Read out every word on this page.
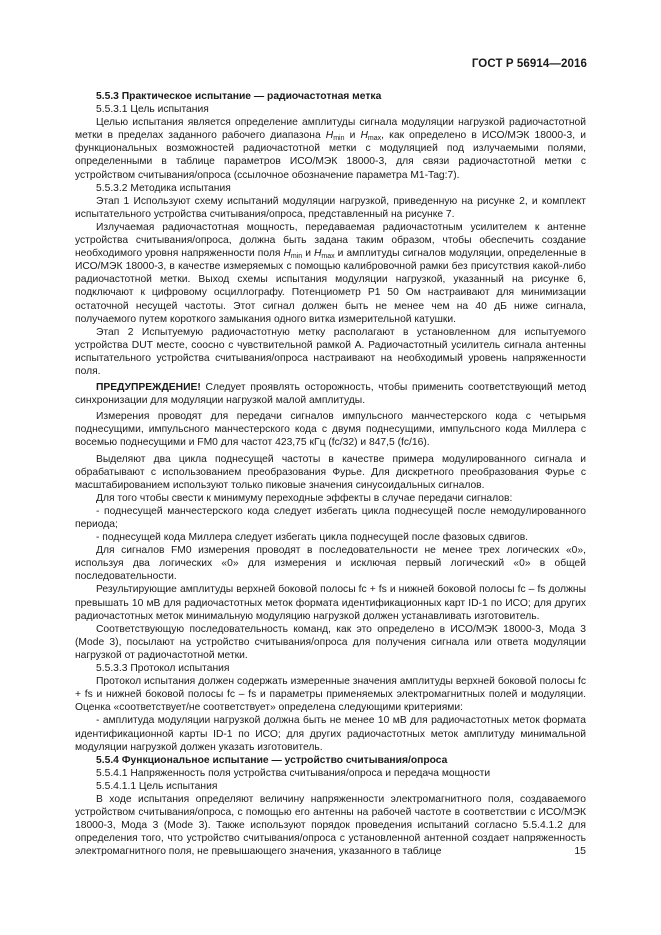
ГОСТ Р 56914—2016

5.5.3 Практическое испытание — радиочастотная метка

5.5.3.1 Цель испытания

Целью испытания является определение амплитуды сигнала модуляции нагрузкой радиочастотной метки в пределах заданного рабочего диапазона $H_{min}$ и $H_{max}$, как определено в ИСО/МЭК 18000-3, и функциональных возможностей радиочастотной метки с модуляцией под излучаемыми полями, определенными в таблице параметров ИСО/МЭК 18000-3, для связи радиочастотной метки с устройством считывания/опроса (ссылочное обозначение параметра М1-Tag:7).

5.5.3.2 Методика испытания

Этап 1 Используют схему испытаний модуляции нагрузкой, приведенную на рисунке 2, и комплект испытательного устройства считывания/опроса, представленный на рисунке 7.

Излучаемая радиочастотная мощность, передаваемая радиочастотным усилителем к антенне устройства считывания/опроса, должна быть задана таким образом, чтобы обеспечить создание необходимого уровня напряженности поля $H_{min}$ и $H_{max}$ и амплитуды сигналов модуляции, определенные в ИСО/МЭК 18000-3, в качестве измеряемых с помощью калибровочной рамки без присутствия какой-либо радиочастотной метки. Выход схемы испытания модуляции нагрузкой, указанный на рисунке 6, подключают к цифровому осциллографу. Потенциометр Р1 50 Ом настраивают для минимизации остаточной несущей частоты. Этот сигнал должен быть не менее чем на 40 дБ ниже сигнала, получаемого путем короткого замыкания одного витка измерительной катушки.

Этап 2 Испытуемую радиочастотную метку располагают в установленном для испытуемого устройства DUT месте, соосно с чувствительной рамкой А. Радиочастотный усилитель сигнала антенны испытательного устройства считывания/опроса настраивают на необходимый уровень напряженности поля.

ПРЕДУПРЕЖДЕНИЕ! Следует проявлять осторожность, чтобы применить соответствующий метод синхронизации для модуляции нагрузкой малой амплитуды.

Измерения проводят для передачи сигналов импульсного манчестерского кода с четырьмя поднесущими, импульсного манчестерского кода с двумя поднесущими, импульсного кода Миллера с восемью поднесущими и FM0 для частот 423,75 кГц (fc/32) и 847,5 (fc/16).

Выделяют два цикла поднесущей частоты в качестве примера модулированного сигнала и обрабатывают с использованием преобразования Фурье. Для дискретного преобразования Фурье с масштабированием используют только пиковые значения синусоидальных сигналов.

Для того чтобы свести к минимуму переходные эффекты в случае передачи сигналов:

- поднесущей манчестерского кода следует избегать цикла поднесущей после немодулированного периода;

- поднесущей кода Миллера следует избегать цикла поднесущей после фазовых сдвигов.

Для сигналов FM0 измерения проводят в последовательности не менее трех логических «0», используя два логических «0» для измерения и исключая первый логический «0» в общей последовательности.

Результирующие амплитуды верхней боковой полосы fc + fs и нижней боковой полосы fc – fs должны превышать 10 мВ для радиочастотных меток формата идентификационных карт ID-1 по ИСО; для других радиочастотных меток минимальную модуляцию нагрузкой должен устанавливать изготовитель.

Соответствующую последовательность команд, как это определено в ИСО/МЭК 18000-3, Мода 3 (Mode 3), посылают на устройство считывания/опроса для получения сигнала или ответа модуляции нагрузкой от радиочастотной метки.

5.5.3.3 Протокол испытания

Протокол испытания должен содержать измеренные значения амплитуды верхней боковой полосы fc + fs и нижней боковой полосы fc – fs и параметры применяемых электромагнитных полей и модуляции. Оценка «соответствует/не соответствует» определена следующими критериями:

- амплитуда модуляции нагрузкой должна быть не менее 10 мВ для радиочастотных меток формата идентификационной карты ID-1 по ИСО; для других радиочастотных меток амплитуду минимальной модуляции нагрузкой должен указать изготовитель.

5.5.4 Функциональное испытание — устройство считывания/опроса

5.5.4.1 Напряженность поля устройства считывания/опроса и передача мощности

5.5.4.1.1 Цель испытания

В ходе испытания определяют величину напряженности электромагнитного поля, создаваемого устройством считывания/опроса, с помощью его антенны на рабочей частоте в соответствии с ИСО/МЭК 18000-3, Мода 3 (Mode 3). Также используют порядок проведения испытаний согласно 5.5.4.1.2 для определения того, что устройство считывания/опроса с установленной антенной создает напряженность электромагнитного поля, не превышающего значения, указанного в таблице	15
